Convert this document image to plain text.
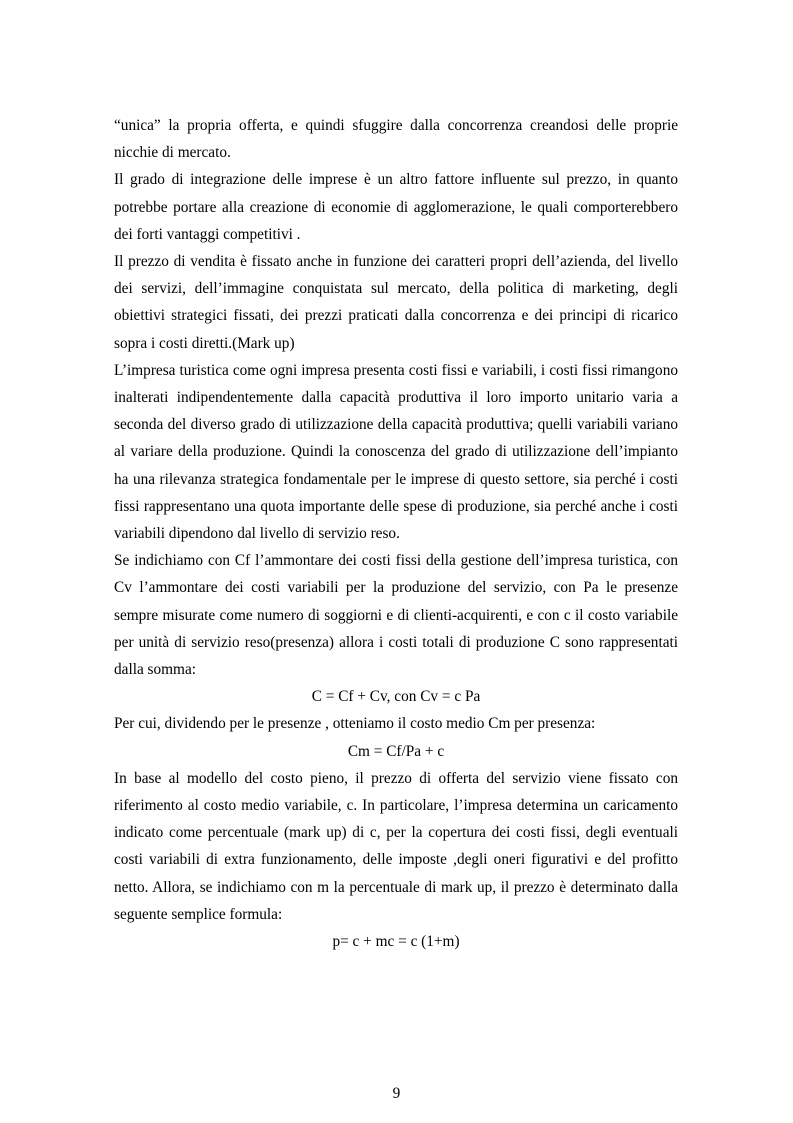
“unica” la propria offerta, e quindi sfuggire dalla concorrenza creandosi delle proprie nicchie di mercato.

Il grado di integrazione delle imprese è un altro fattore influente sul prezzo, in quanto potrebbe portare alla creazione di economie di agglomerazione, le quali comporterebbero dei forti vantaggi competitivi .

Il prezzo di vendita è fissato anche in funzione dei caratteri propri dell’azienda, del livello dei servizi, dell’immagine conquistata sul mercato, della politica di marketing, degli obiettivi strategici fissati, dei prezzi praticati dalla concorrenza e dei principi di ricarico sopra i costi diretti.(Mark up)

L’impresa turistica come ogni impresa presenta costi fissi e variabili, i costi fissi rimangono inalterati indipendentemente dalla capacità produttiva il loro importo unitario varia a seconda del diverso grado di utilizzazione della capacità produttiva; quelli variabili variano al variare della produzione. Quindi la conoscenza del grado di utilizzazione dell’impianto ha una rilevanza strategica fondamentale per le imprese di questo settore, sia perché i costi fissi rappresentano una quota importante delle spese di produzione, sia perché anche i costi variabili dipendono dal livello di servizio reso.

Se indichiamo con Cf l’ammontare dei costi fissi della gestione dell’impresa turistica, con Cv l’ammontare dei costi variabili per la produzione del servizio, con Pa le presenze sempre misurate come numero di soggiorni e di clienti-acquirenti, e con c il costo variabile per unità di servizio reso(presenza) allora i costi totali di produzione C sono rappresentati dalla somma:

C = Cf + Cv, con Cv = c Pa

Per cui, dividendo per le presenze , otteniamo il costo medio Cm per presenza:

Cm = Cf/Pa + c

In base al modello del costo pieno, il prezzo di offerta del servizio viene fissato con riferimento al costo medio variabile, c. In particolare, l’impresa determina un caricamento indicato come percentuale (mark up) di c, per la copertura dei costi fissi, degli eventuali costi variabili di extra funzionamento, delle imposte ,degli oneri figurativi e del profitto netto. Allora, se indichiamo con m la percentuale di mark up, il prezzo è determinato dalla seguente semplice formula:

p= c + mc = c (1+m)

9
